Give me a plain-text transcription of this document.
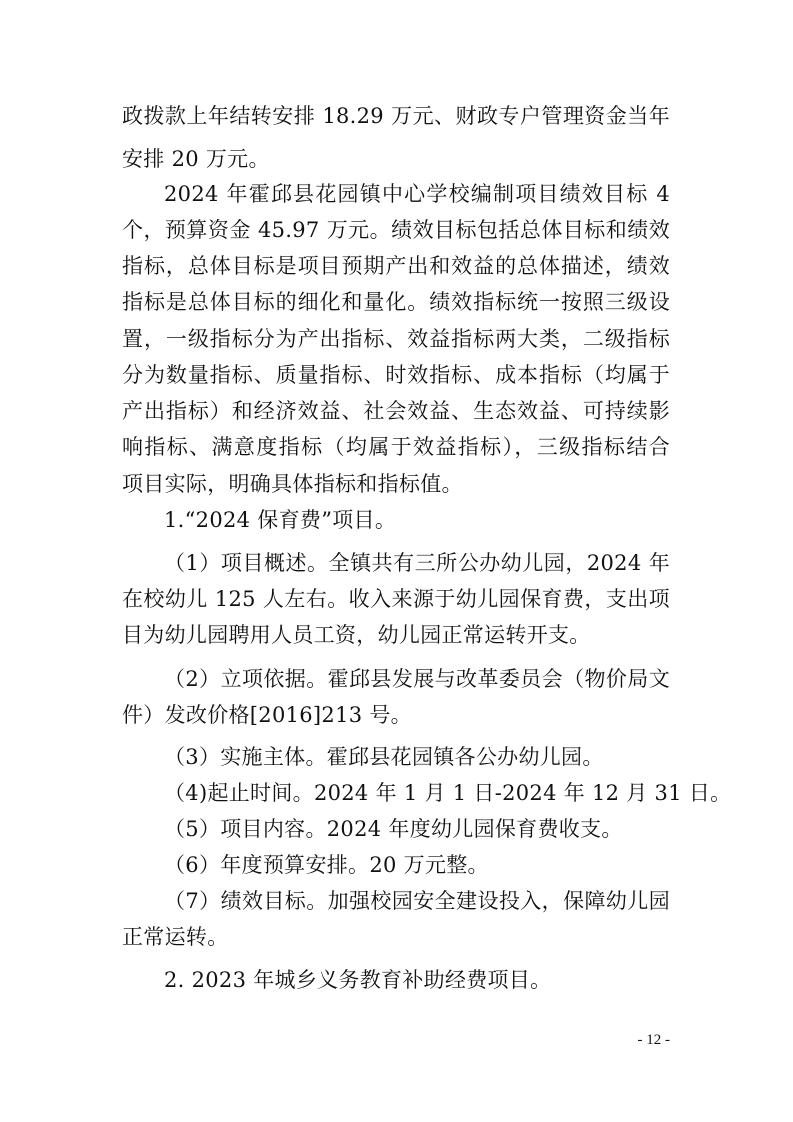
政拨款上年结转安排 18.29 万元、财政专户管理资金当年
安排 20 万元。
2024 年霍邱县花园镇中心学校编制项目绩效目标 4
个，预算资金 45.97 万元。绩效目标包括总体目标和绩效
指标，总体目标是项目预期产出和效益的总体描述，绩效
指标是总体目标的细化和量化。绩效指标统一按照三级设
置，一级指标分为产出指标、效益指标两大类，二级指标
分为数量指标、质量指标、时效指标、成本指标（均属于
产出指标）和经济效益、社会效益、生态效益、可持续影
响指标、满意度指标（均属于效益指标），三级指标结合
项目实际，明确具体指标和指标值。
1.“2024 保育费”项目。
（1）项目概述。全镇共有三所公办幼儿园，2024 年
在校幼儿 125 人左右。收入来源于幼儿园保育费，支出项
目为幼儿园聘用人员工资，幼儿园正常运转开支。
（2）立项依据。霍邱县发展与改革委员会（物价局文
件）发改价格[2016]213 号。
（3）实施主体。霍邱县花园镇各公办幼儿园。
（4)起止时间。2024 年 1 月 1 日-2024 年 12 月 31 日。
（5）项目内容。2024 年度幼儿园保育费收支。
（6）年度预算安排。20 万元整。
（7）绩效目标。加强校园安全建设投入，保障幼儿园
正常运转。
2. 2023 年城乡义务教育补助经费项目。
- 12 -
